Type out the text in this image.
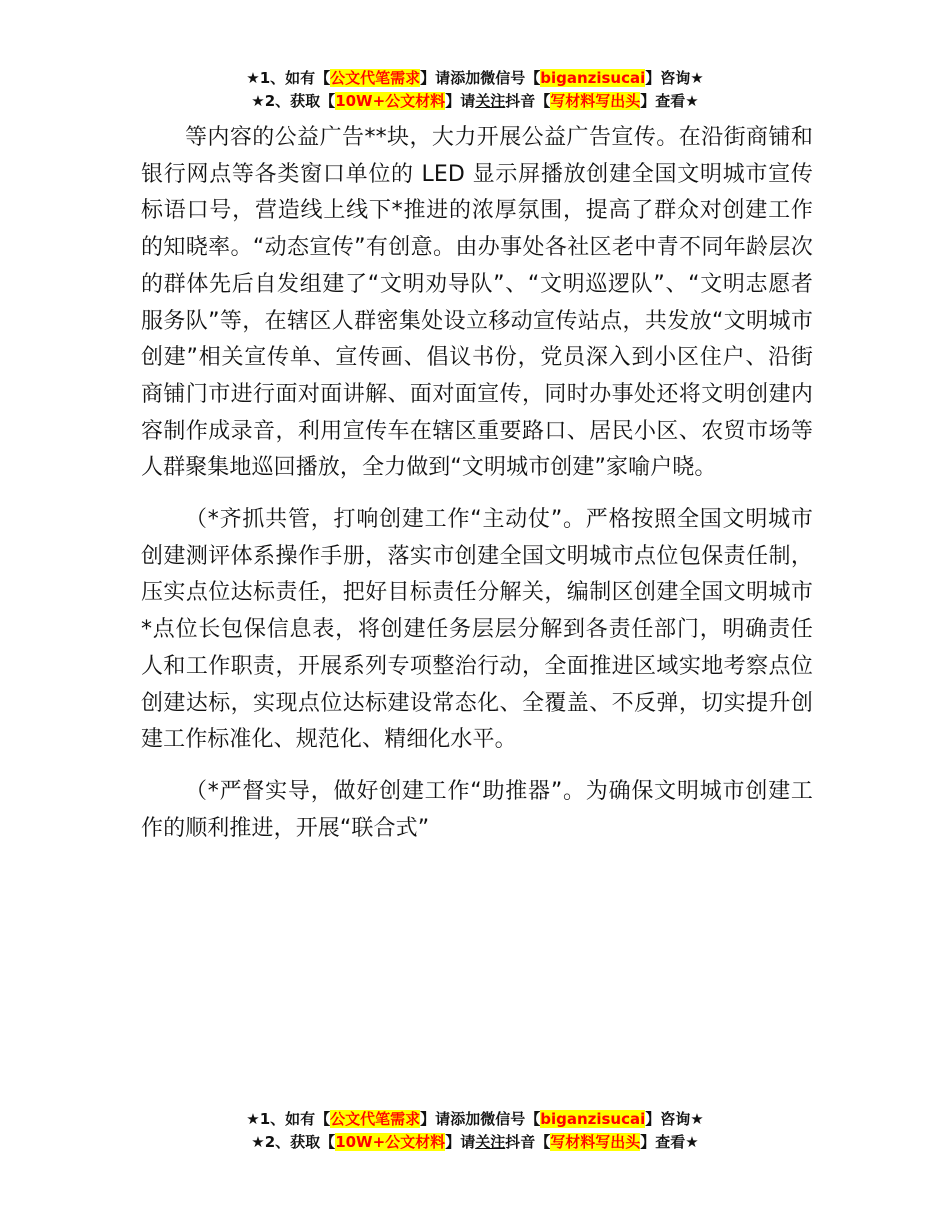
★1、如有【公文代笔需求】请添加微信号【biganzisucai】咨询★
★2、获取【10W+公文材料】请关注抖音【写材料写出头】查看★

等内容的公益广告**块，大力开展公益广告宣传。在沿街商铺和银行网点等各类窗口单位的 LED 显示屏播放创建全国文明城市宣传标语口号，营造线上线下*推进的浓厚氛围，提高了群众对创建工作的知晓率。“动态宣传”有创意。由办事处各社区老中青不同年龄层次的群体先后自发组建了“文明劝导队”、“文明巡逻队”、“文明志愿者服务队”等，在辖区人群密集处设立移动宣传站点，共发放“文明城市创建”相关宣传单、宣传画、倡议书份，党员深入到小区住户、沿街商铺门市进行面对面讲解、面对面宣传，同时办事处还将文明创建内容制作成录音，利用宣传车在辖区重要路口、居民小区、农贸市场等人群聚集地巡回播放，全力做到“文明城市创建”家喻户晓。

（*齐抓共管，打响创建工作“主动仗”。严格按照全国文明城市创建测评体系操作手册，落实市创建全国文明城市点位包保责任制，压实点位达标责任，把好目标责任分解关，编制区创建全国文明城市*点位长包保信息表，将创建任务层层分解到各责任部门，明确责任人和工作职责，开展系列专项整治行动，全面推进区域实地考察点位创建达标，实现点位达标建设常态化、全覆盖、不反弹，切实提升创建工作标准化、规范化、精细化水平。

（*严督实导，做好创建工作“助推器”。为确保文明城市创建工作的顺利推进，开展“联合式”

★1、如有【公文代笔需求】请添加微信号【biganzisucai】咨询★
★2、获取【10W+公文材料】请关注抖音【写材料写出头】查看★
